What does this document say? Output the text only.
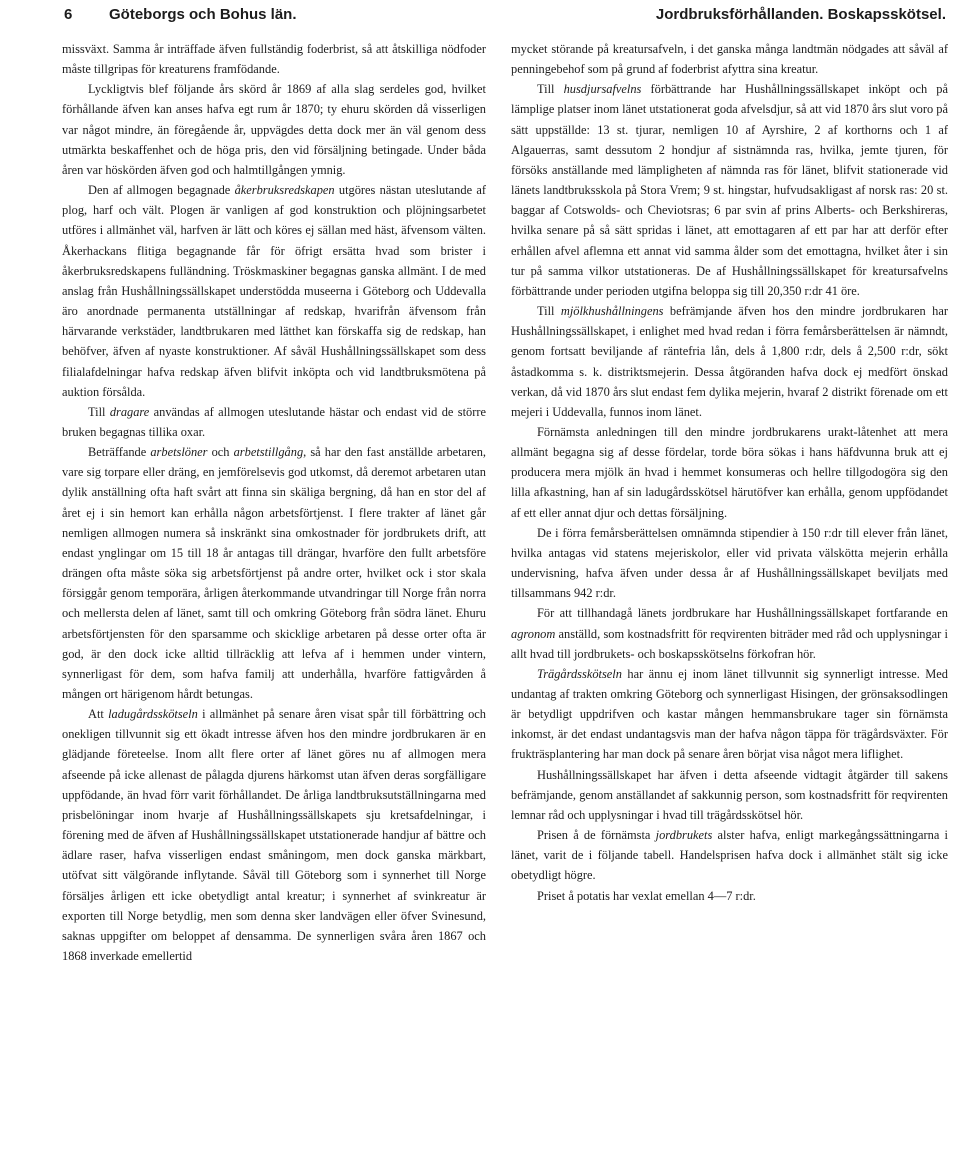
6 Göteborgs och Bohus län.	Jordbruksförhållanden. Boskapsskötsel.

missväxt. Samma år inträffade äfven fullständig foderbrist, så att åtskilliga nödfoder måste tillgripas för kreaturens framfödande.

Lyckligtvis blef följande års skörd år 1869 af alla slag serdeles god, hvilket förhållande äfven kan anses hafva egt rum år 1870; ty ehuru skörden då visserligen var något mindre, än föregående år, uppvägdes detta dock mer än väl genom dess utmärkta beskaffenhet och de höga pris, den vid försäljning betingade. Under båda åren var höskörden äfven god och halmtillgången ymnig.

Den af allmogen begagnade åkerbruksredskapen utgöres nästan uteslutande af plog, harf och vält. Plogen är vanligen af god konstruktion och plöjningsarbetet utföres i allmänhet väl, harfven är lätt och köres ej sällan med häst, äfvensom välten. Åkerhackans flitiga begagnande får för öfrigt ersätta hvad som brister i åkerbruksredskapens fulländning. Tröskmaskiner begagnas ganska allmänt. I de med anslag från Hushållningssällskapet understödda museerna i Göteborg och Uddevalla äro anordnade permanenta utställningar af redskap, hvarifrån äfvensom från härvarande verkstäder, landtbrukaren med lätthet kan förskaffa sig de redskap, han behöfver, äfven af nyaste konstruktioner. Af såväl Hushållningssällskapet som dess filialafdelningar hafva redskap äfven blifvit inköpta och vid landtbruksmötena på auktion försålda.

Till dragare användas af allmogen uteslutande hästar och endast vid de större bruken begagnas tillika oxar.

Beträffande arbetslöner och arbetstillgång, så har den fast anställde arbetaren, vare sig torpare eller dräng, en jemförelsevis god utkomst, då deremot arbetaren utan dylik anställning ofta haft svårt att finna sin skäliga bergning, då han en stor del af året ej i sin hemort kan erhålla någon arbetsförtjenst. I flere trakter af länet går nemligen allmogen numera så inskränkt sina omkostnader för jordbrukets drift, att endast ynglingar om 15 till 18 år antagas till drängar, hvarföre den fullt arbetsföre drängen ofta måste söka sig arbetsförtjenst på andre orter, hvilket ock i stor skala försiggår genom temporära, årligen återkommande utvandringar till Norge från norra och mellersta delen af länet, samt till och omkring Göteborg från södra länet. Ehuru arbetsförtjensten för den sparsamme och skicklige arbetaren på desse orter ofta är god, är den dock icke alltid tillräcklig att lefva af i hemmen under vintern, synnerligast för dem, som hafva familj att underhålla, hvarföre fattigvården å mången ort härigenom hårdt betungas.

Att ladugårdsskötseln i allmänhet på senare åren visat spår till förbättring och onekligen tillvunnit sig ett ökadt intresse äfven hos den mindre jordbrukaren är en glädjande företeelse. Inom allt flere orter af länet göres nu af allmogen mera afseende på icke allenast de pålagda djurens härkomst utan äfven deras sorgfälligare uppfödande, än hvad förr varit förhållandet. De årliga landtbruksutställningarna med prisbelöningar inom hvarje af Hushållningssällskapets sju kretsafdelningar, i förening med de äfven af Hushållningssällskapet utstationerade handjur af bättre och ädlare raser, hafva visserligen endast småningom, men dock ganska märkbart, utöfvat sitt välgörande inflytande. Såväl till Göteborg som i synnerhet till Norge försäljes årligen ett icke obetydligt antal kreatur; i synnerhet af svinkreatur är exporten till Norge betydlig, men som denna sker landvägen eller öfver Svinesund, saknas uppgifter om beloppet af densamma. De synnerligen svåra åren 1867 och 1868 inverkade emellertid

mycket störande på kreatursafveln, i det ganska många landtmän nödgades att såväl af penningebehof som på grund af foderbrist afyttra sina kreatur.

Till husdjursafvelns förbättrande har Hushållningssällskapet inköpt och på lämplige platser inom länet utstationerat goda afvelsdjur, så att vid 1870 års slut voro på sätt uppställde: 13 st. tjurar, nemligen 10 af Ayrshire, 2 af korthorns och 1 af Algauerras, samt dessutom 2 hondjur af sistnämnda ras, hvilka, jemte tjuren, för försöks anställande med lämpligheten af nämnda ras för länet, blifvit stationerade vid länets landtbruksskola på Stora Vrem; 9 st. hingstar, hufvudsakligast af norsk ras: 20 st. baggar af Cotswolds- och Cheviotsras; 6 par svin af prins Alberts- och Berkshireras, hvilka senare på så sätt spridas i länet, att emottagaren af ett par har att derför efter erhållen afvel aflemna ett annat vid samma ålder som det emottagna, hvilket åter i sin tur på samma vilkor utstationeras. De af Hushållningssällskapet för kreatursafvelns förbättrande under perioden utgifna beloppa sig till 20,350 r:dr 41 öre.

Till mjölkhushållningens befrämjande äfven hos den mindre jordbrukaren har Hushållningssällskapet, i enlighet med hvad redan i förra femårsberättelsen är nämndt, genom fortsatt beviljande af räntefria lån, dels å 1,800 r:dr, dels å 2,500 r:dr, sökt åstadkomma s. k. distriktsmejerin. Dessa åtgöranden hafva dock ej medfört önskad verkan, då vid 1870 års slut endast fem dylika mejerin, hvaraf 2 distrikt förenade om ett mejeri i Uddevalla, funnos inom länet.

Förnämsta anledningen till den mindre jordbrukarens urakt-låtenhet att mera allmänt begagna sig af desse fördelar, torde böra sökas i hans häfdvunna bruk att ej producera mera mjölk än hvad i hemmet konsumeras och hellre tillgodogöra sig den lilla afkastning, han af sin ladugårdsskötsel härutöfver kan erhålla, genom uppfödandet af ett eller annat djur och dettas försäljning.

De i förra femårsberättelsen omnämnda stipendier à 150 r:dr till elever från länet, hvilka antagas vid statens mejeriskolor, eller vid privata välskötta mejerin erhålla undervisning, hafva äfven under dessa år af Hushållningssällskapet beviljats med tillsammans 942 r:dr.

För att tillhandagå länets jordbrukare har Hushållningssällskapet fortfarande en agronom anställd, som kostnadsfritt för reqvirenten biträder med råd och upplysningar i allt hvad till jordbrukets- och boskapsskötselns förkofran hör.

Trägårdsskötseln har ännu ej inom länet tillvunnit sig synnerligt intresse. Med undantag af trakten omkring Göteborg och synnerligast Hisingen, der grönsaksodlingen är betydligt uppdrifven och kastar mången hemmansbrukare tager sin förnämsta inkomst, är det endast undantagsvis man der hafva någon täppa för trägårdsväxter. För frukträsplantering har man dock på senare åren börjat visa något mera liflighet.

Hushållningssällskapet har äfven i detta afseende vidtagit åtgärder till sakens befrämjande, genom anställandet af sakkunnig person, som kostnadsfritt för reqvirenten lemnar råd och upplysningar i hvad till trägårdsskötsel hör.

Prisen å de förnämsta jordbrukets alster hafva, enligt markegångssättningarna i länet, varit de i följande tabell. Handelsprisen hafva dock i allmänhet stält sig icke obetydligt högre.

Priset å potatis har vexlat emellan 4—7 r:dr.
